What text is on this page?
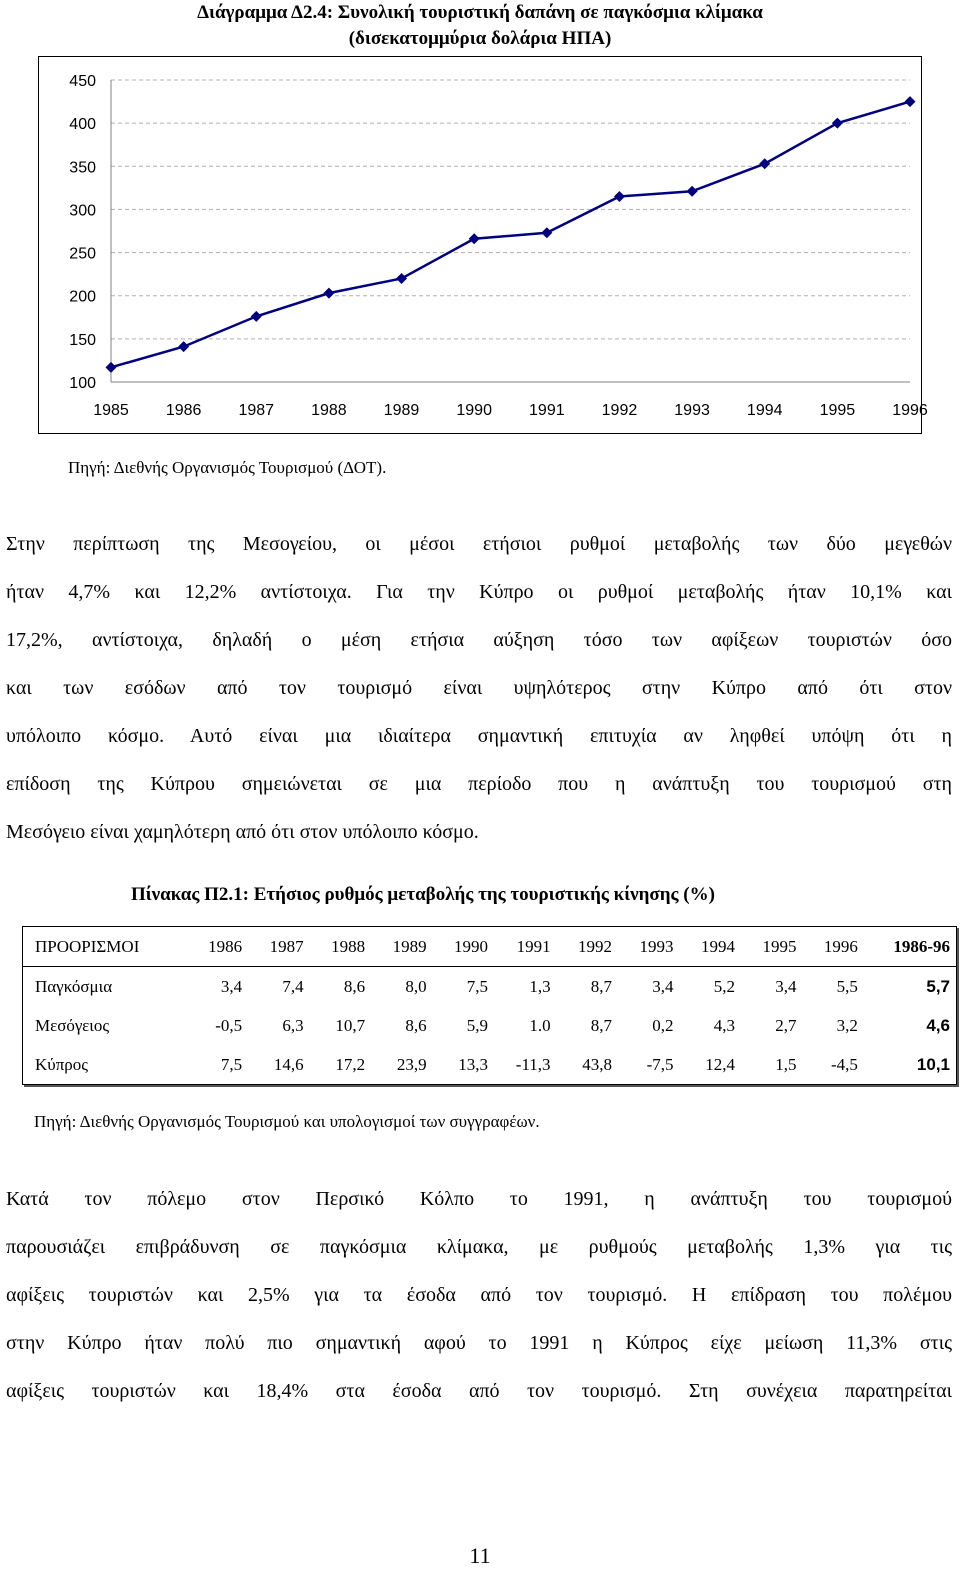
Διάγραμμα Δ2.4: Συνολική τουριστική δαπάνη σε παγκόσμια κλίμακα
(δισεκατομμύρια δολάρια ΗΠΑ)
450
400
350
300
250
200
150
100
1985 1986 1987 1988 1989 1990 1991 1992 1993 1994 1995 1996
Πηγή: Διεθνής Οργανισμός Τουρισμού (ΔΟΤ).
Στην περίπτωση της Μεσογείου, οι μέσοι ετήσιοι ρυθμοί μεταβολής των δύο μεγεθών
ήταν 4,7% και 12,2% αντίστοιχα. Για την Κύπρο οι ρυθμοί μεταβολής ήταν 10,1% και
17,2%, αντίστοιχα, δηλαδή ο μέση ετήσια αύξηση τόσο των αφίξεων τουριστών όσο
και των εσόδων από τον τουρισμό είναι υψηλότερος στην Κύπρο από ότι στον
υπόλοιπο κόσμο. Αυτό είναι μια ιδιαίτερα σημαντική επιτυχία αν ληφθεί υπόψη ότι η
επίδοση της Κύπρου σημειώνεται σε μια περίοδο που η ανάπτυξη του τουρισμού στη
Μεσόγειο είναι χαμηλότερη από ότι στον υπόλοιπο κόσμο.
Πίνακας Π2.1: Ετήσιος ρυθμός μεταβολής της τουριστικής κίνησης (%)
ΠΡΟΟΡΙΣΜΟΙ	1986	1987	1988	1989	1990	1991	1992	1993	1994	1995	1996	1986-96
Παγκόσμια	3,4	7,4	8,6	8,0	7,5	1,3	8,7	3,4	5,2	3,4	5,5	5,7
Μεσόγειος	-0,5	6,3	10,7	8,6	5,9	1.0	8,7	0,2	4,3	2,7	3,2	4,6
Κύπρος	7,5	14,6	17,2	23,9	13,3	-11,3	43,8	-7,5	12,4	1,5	-4,5	10,1
Πηγή: Διεθνής Οργανισμός Τουρισμού και υπολογισμοί των συγγραφέων.
Κατά τον πόλεμο στον Περσικό Κόλπο το 1991, η ανάπτυξη του τουρισμού
παρουσιάζει επιβράδυνση σε παγκόσμια κλίμακα, με ρυθμούς μεταβολής 1,3% για τις
αφίξεις τουριστών και 2,5% για τα έσοδα από τον τουρισμό. Η επίδραση του πολέμου
στην Κύπρο ήταν πολύ πιο σημαντική αφού το 1991 η Κύπρος είχε μείωση 11,3% στις
αφίξεις τουριστών και 18,4% στα έσοδα από τον τουρισμό. Στη συνέχεια παρατηρείται
11
